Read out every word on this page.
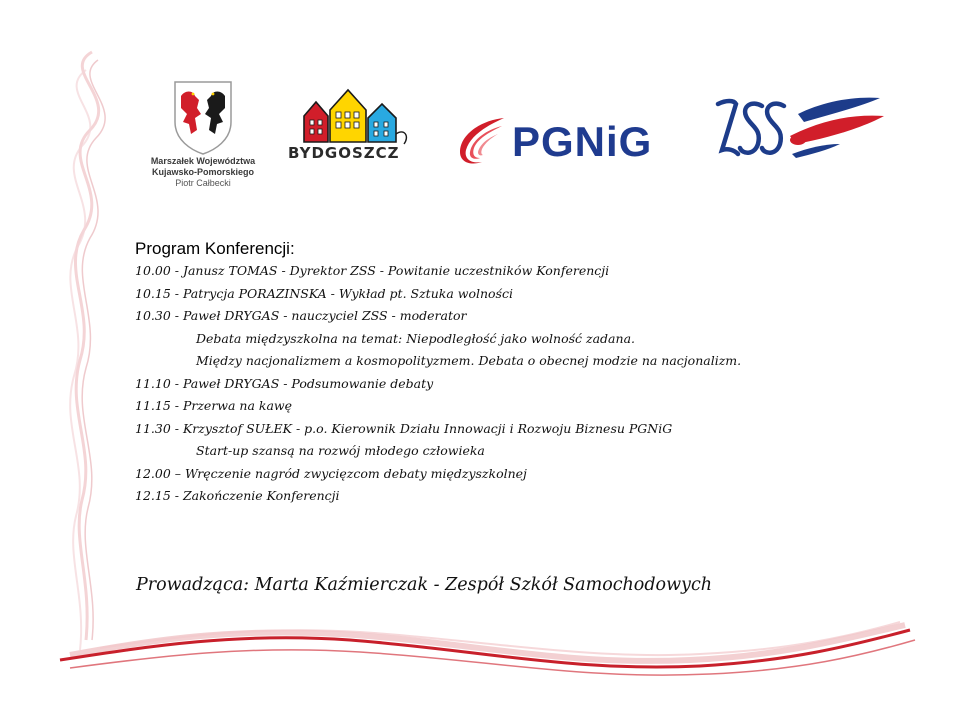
Marszałek Województwa
Kujawsko-Pomorskiego
Piotr Całbecki
BYDGOSZCZ	PGNiG
Program Konferencji:
10.00 - Janusz TOMAS - Dyrektor ZSS - Powitanie uczestników Konferencji
10.15 - Patrycja PORAZINSKA - Wykład pt. Sztuka wolności
10.30 - Paweł DRYGAS - nauczyciel ZSS - moderator
Debata międzyszkolna na temat: Niepodległość jako wolność zadana.
Między nacjonalizmem a kosmopolityzmem. Debata o obecnej modzie na nacjonalizm.
11.10 - Paweł DRYGAS - Podsumowanie debaty
11.15 - Przerwa na kawę
11.30 - Krzysztof SUŁEK - p.o. Kierownik Działu Innowacji i Rozwoju Biznesu PGNiG
Start-up szansą na rozwój młodego człowieka
12.00 – Wręczenie nagród zwycięzcom debaty międzyszkolnej
12.15 - Zakończenie Konferencji
Prowadząca: Marta Kaźmierczak - Zespół Szkół Samochodowych
